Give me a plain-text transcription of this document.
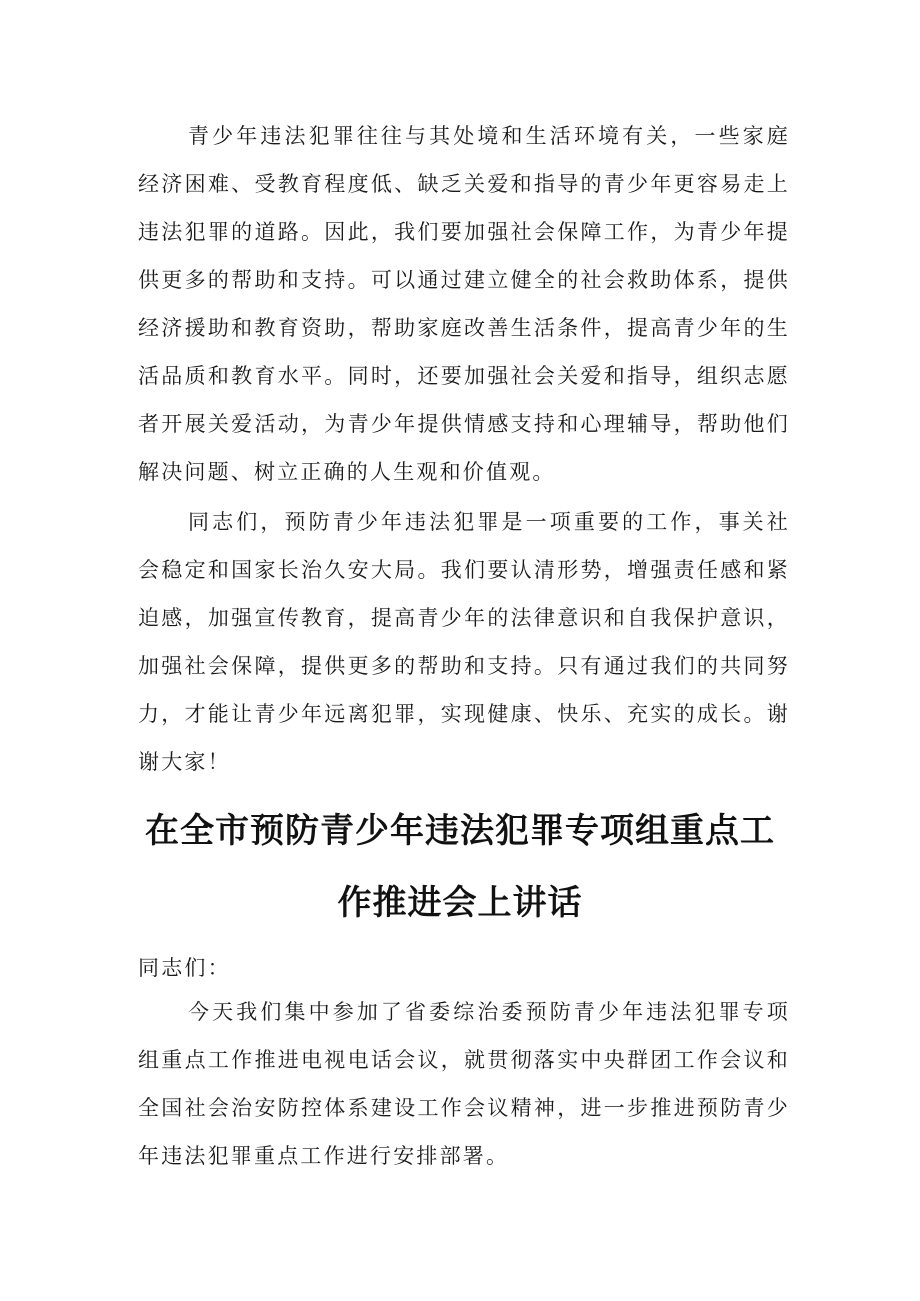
青少年违法犯罪往往与其处境和生活环境有关，一些家庭经济困难、受教育程度低、缺乏关爱和指导的青少年更容易走上违法犯罪的道路。因此，我们要加强社会保障工作，为青少年提供更多的帮助和支持。可以通过建立健全的社会救助体系，提供经济援助和教育资助，帮助家庭改善生活条件，提高青少年的生活品质和教育水平。同时，还要加强社会关爱和指导，组织志愿者开展关爱活动，为青少年提供情感支持和心理辅导，帮助他们解决问题、树立正确的人生观和价值观。

同志们，预防青少年违法犯罪是一项重要的工作，事关社会稳定和国家长治久安大局。我们要认清形势，增强责任感和紧迫感，加强宣传教育，提高青少年的法律意识和自我保护意识，加强社会保障，提供更多的帮助和支持。只有通过我们的共同努力，才能让青少年远离犯罪，实现健康、快乐、充实的成长。谢谢大家！

在全市预防青少年违法犯罪专项组重点工
作推进会上讲话

同志们：

今天我们集中参加了省委综治委预防青少年违法犯罪专项组重点工作推进电视电话会议，就贯彻落实中央群团工作会议和全国社会治安防控体系建设工作会议精神，进一步推进预防青少年违法犯罪重点工作进行安排部署。
